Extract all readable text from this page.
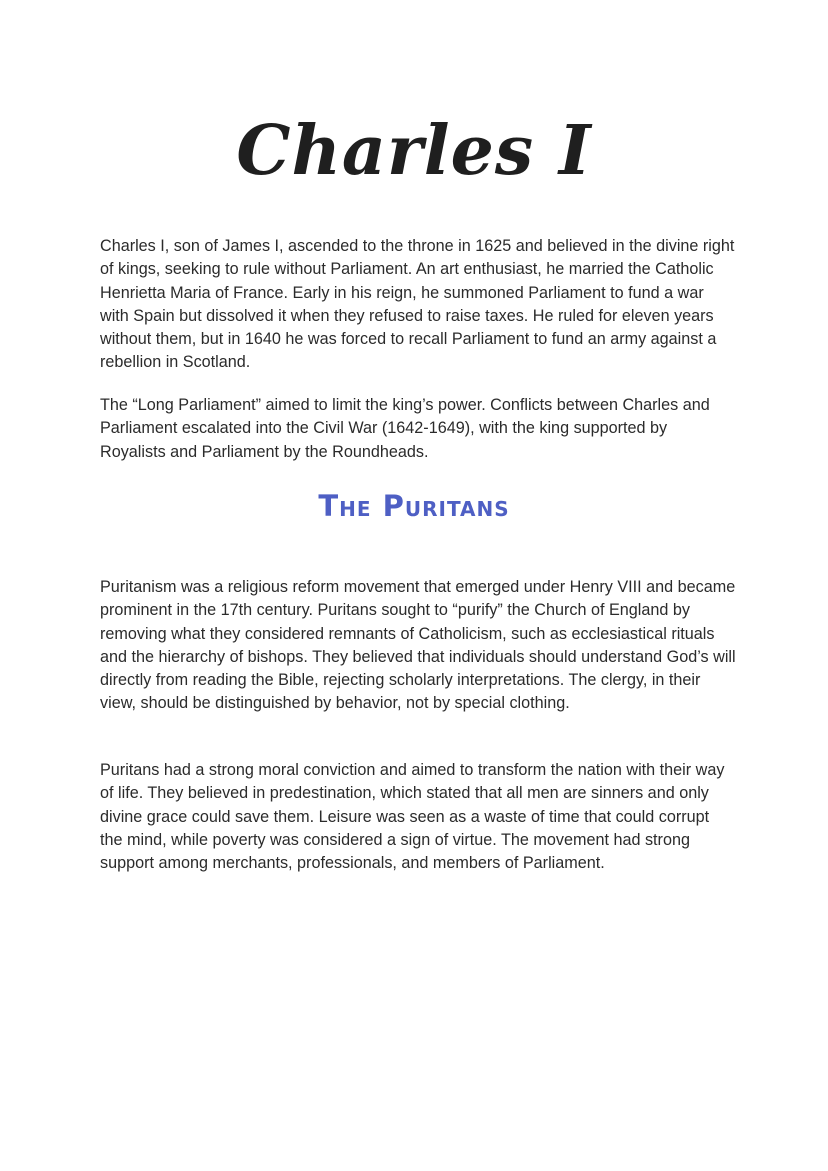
Charles I

Charles I, son of James I, ascended to the throne in 1625 and believed in the divine right of kings, seeking to rule without Parliament. An art enthusiast, he married the Catholic Henrietta Maria of France. Early in his reign, he summoned Parliament to fund a war with Spain but dissolved it when they refused to raise taxes. He ruled for eleven years without them, but in 1640 he was forced to recall Parliament to fund an army against a rebellion in Scotland.

The “Long Parliament” aimed to limit the king’s power. Conflicts between Charles and Parliament escalated into the Civil War (1642-1649), with the king supported by Royalists and Parliament by the Roundheads.

The Puritans

Puritanism was a religious reform movement that emerged under Henry VIII and became prominent in the 17th century. Puritans sought to “purify” the Church of England by removing what they considered remnants of Catholicism, such as ecclesiastical rituals and the hierarchy of bishops. They believed that individuals should understand God’s will directly from reading the Bible, rejecting scholarly interpretations. The clergy, in their view, should be distinguished by behavior, not by special clothing.

Puritans had a strong moral conviction and aimed to transform the nation with their way of life. They believed in predestination, which stated that all men are sinners and only divine grace could save them. Leisure was seen as a waste of time that could corrupt the mind, while poverty was considered a sign of virtue. The movement had strong support among merchants, professionals, and members of Parliament.
